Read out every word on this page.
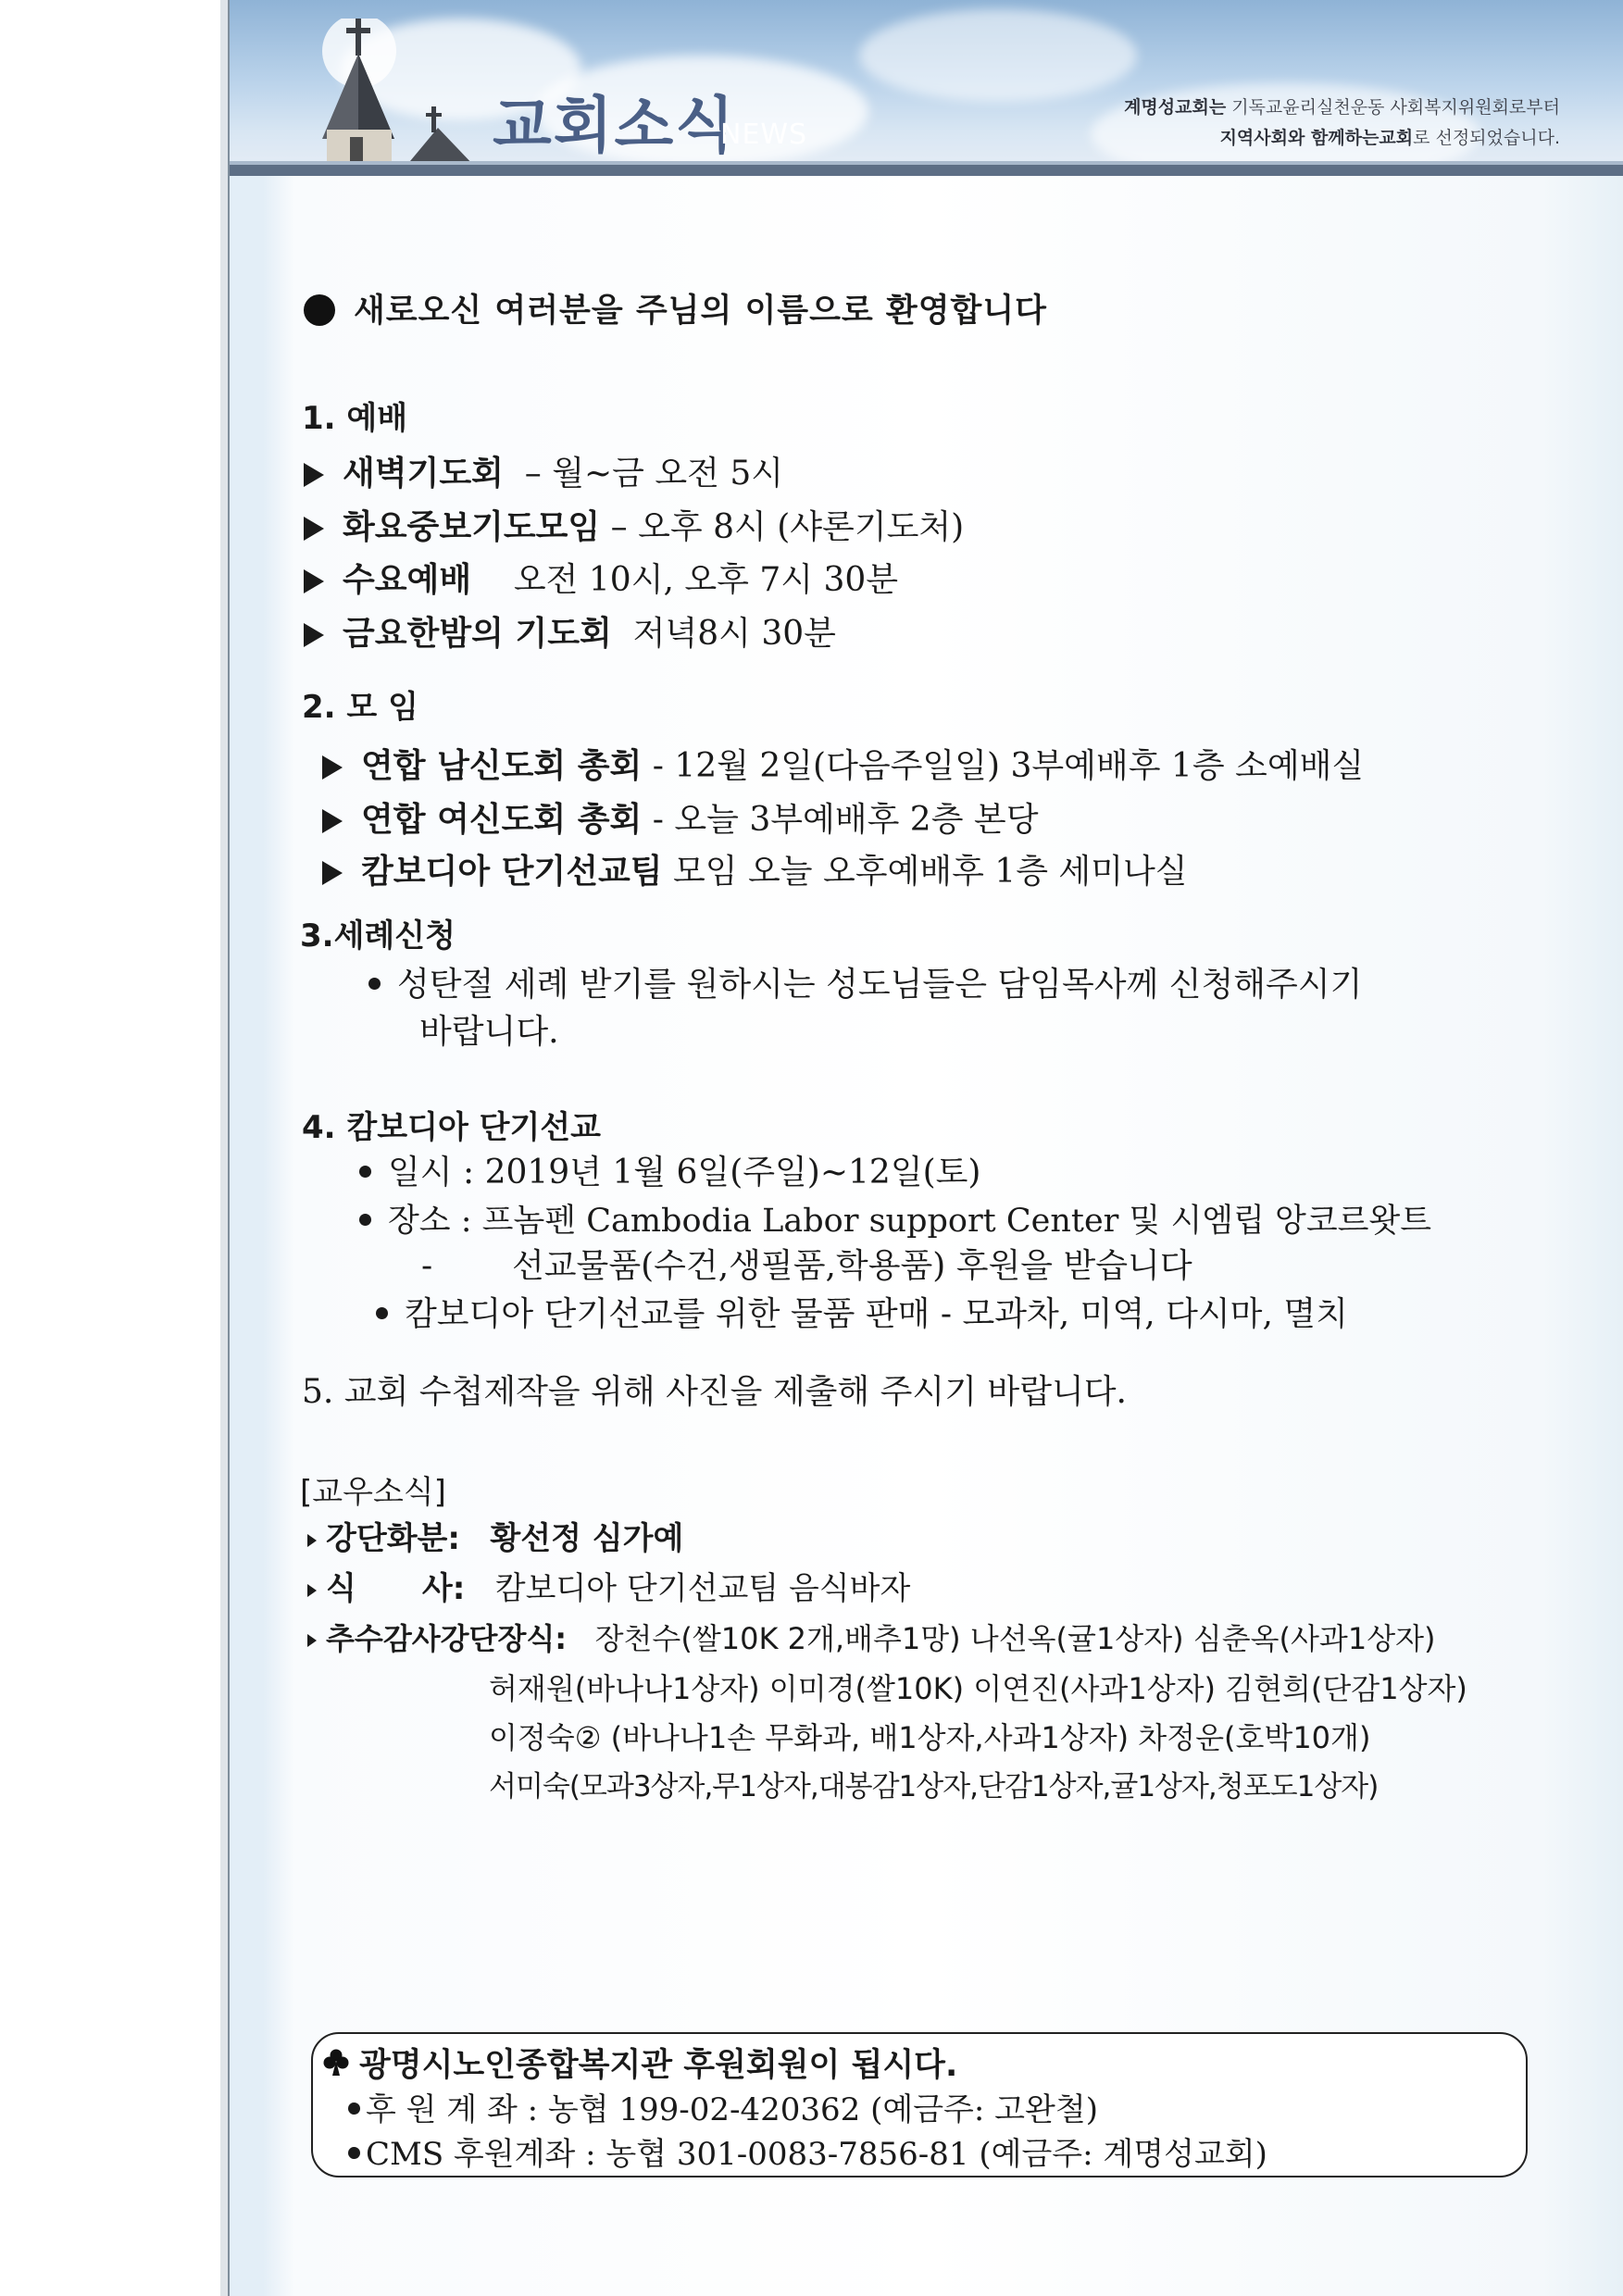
교회소식
NEWS
계명성교회는 기독교윤리실천운동 사회복지위원회로부터
지역사회와 함께하는교회로 선정되었습니다.
새로오신 여러분을 주님의 이름으로 환영합니다
1. 예배
새벽기도회 – 월~금 오전 5시
화요중보기도모임 – 오후 8시 (샤론기도처)
수요예배 오전 10시, 오후 7시 30분
금요한밤의 기도회 저녁8시 30분
2. 모 임
연합 남신도회 총회 - 12월 2일(다음주일일) 3부예배후 1층 소예배실
연합 여신도회 총회 - 오늘 3부예배후 2층 본당
캄보디아 단기선교팀 모임 오늘 오후예배후 1층 세미나실
3.세례신청
성탄절 세례 받기를 원하시는 성도님들은 담임목사께 신청해주시기
바랍니다.
4. 캄보디아 단기선교
일시 : 2019년 1월 6일(주일)~12일(토)
장소 : 프놈펜 Cambodia Labor support Center 및 시엠립 앙코르왓트
- 선교물품(수건,생필품,학용품) 후원을 받습니다
캄보디아 단기선교를 위한 물품 판매 - 모과차, 미역, 다시마, 멸치
5. 교회 수첩제작을 위해 사진을 제출해 주시기 바랍니다.
[교우소식]
강단화분: 황선정 심가예
식      사: 캄보디아 단기선교팀 음식바자
추수감사강단장식: 장천수(쌀10K 2개,배추1망) 나선옥(귤1상자) 심춘옥(사과1상자)
허재원(바나나1상자) 이미경(쌀10K) 이연진(사과1상자) 김현희(단감1상자)
이정숙② (바나나1손 무화과, 배1상자,사과1상자) 차정운(호박10개)
서미숙(모과3상자,무1상자,대봉감1상자,단감1상자,귤1상자,청포도1상자)
광명시노인종합복지관 후원회원이 됩시다.
후 원 계 좌 : 농협 199-02-420362 (예금주: 고완철)
CMS 후원계좌 : 농협 301-0083-7856-81 (예금주: 계명성교회)
